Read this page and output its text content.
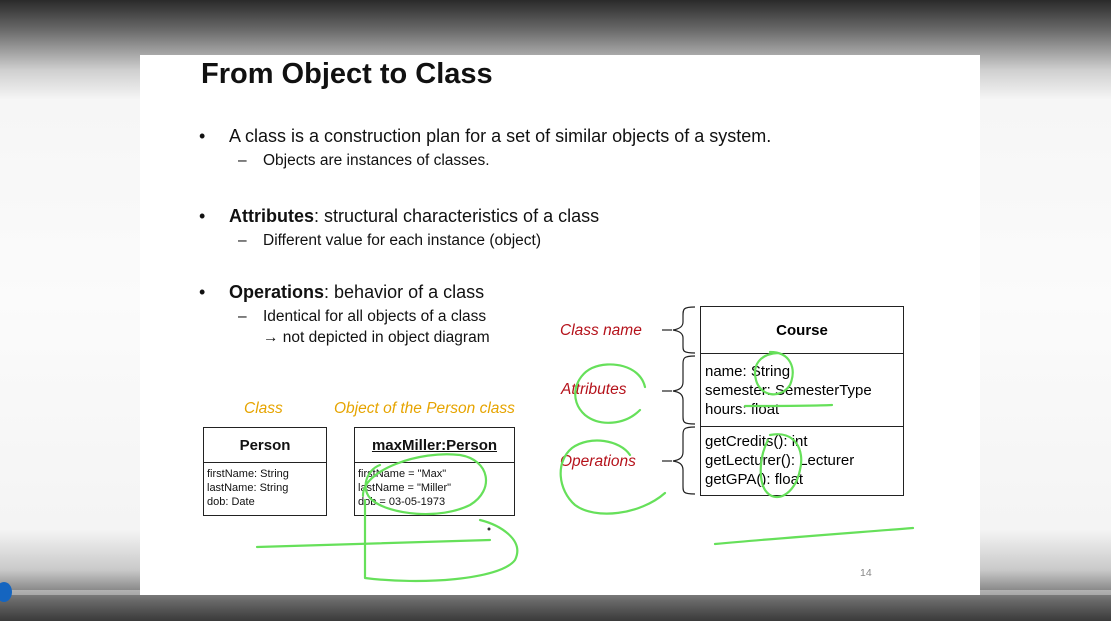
From Object to Class
• A class is a construction plan for a set of similar objects of a system.
– Objects are instances of classes.
• Attributes: structural characteristics of a class
– Different value for each instance (object)
• Operations: behavior of a class
– Identical for all objects of a class
→ not depicted in object diagram
Class	Object of the Person class
Person
firstName: String
lastName: String
dob: Date
maxMiller:Person
firstName = "Max"
lastName = "Miller"
dob = 03-05-1973
Class name
Attributes
Operations
Course
name: String
semester: SemesterType
hours: float
getCredits(): int
getLecturer(): Lecturer
getGPA(): float
14
